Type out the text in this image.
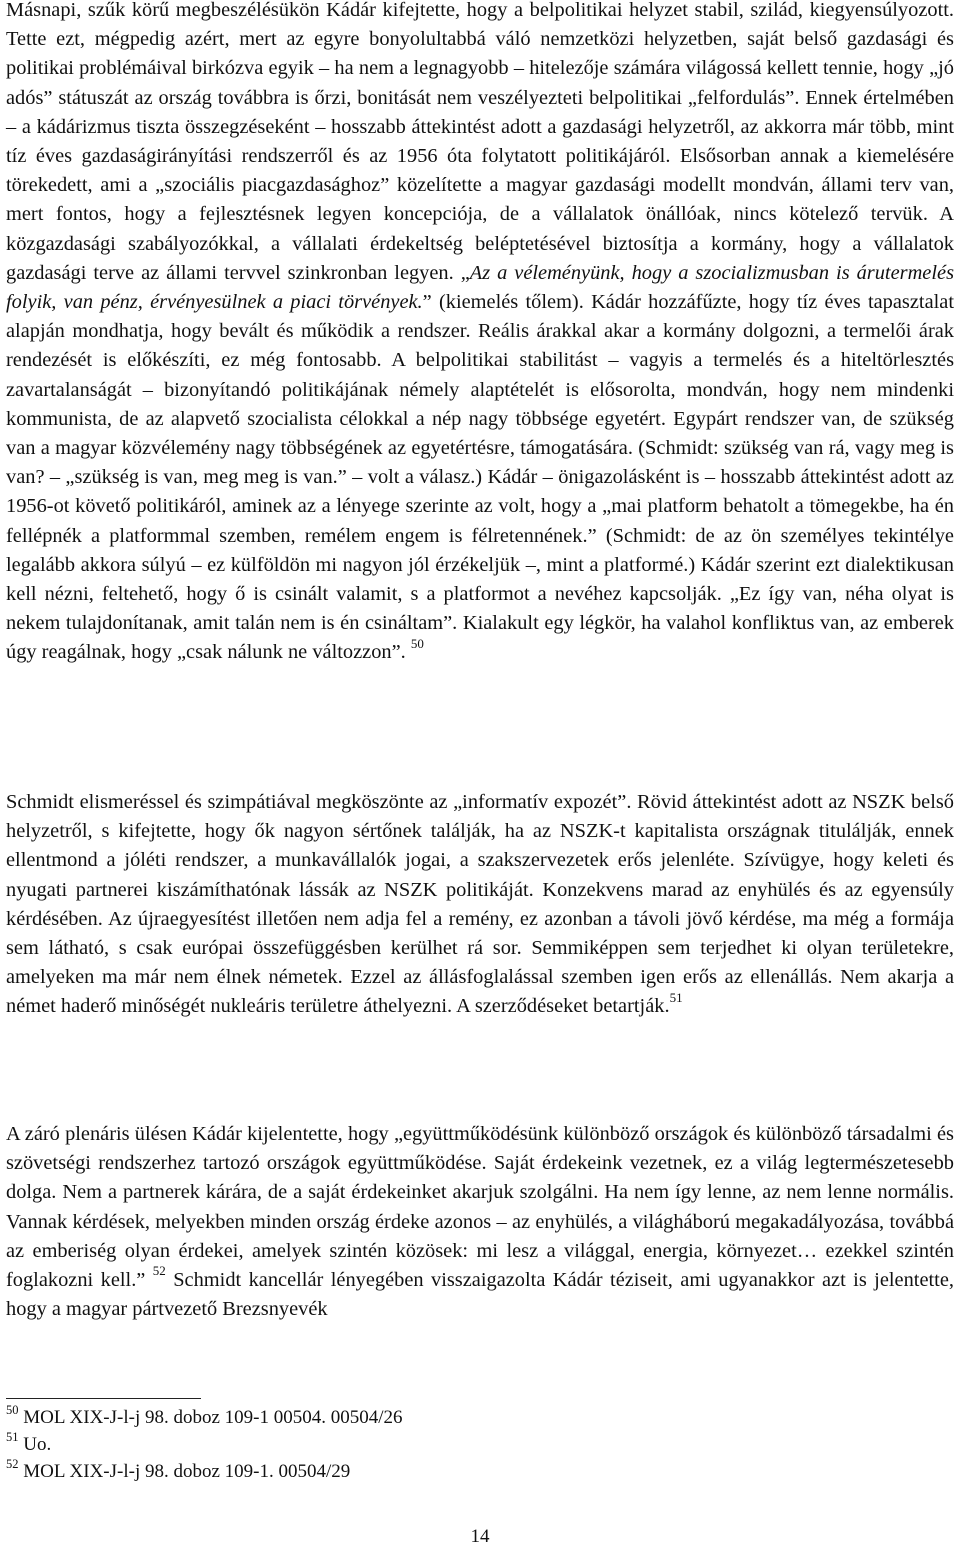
Másnapi, szűk körű megbeszélésükön Kádár kifejtette, hogy a belpolitikai helyzet stabil, szilád, kiegyensúlyozott. Tette ezt, mégpedig azért, mert az egyre bonyolultabbá váló nemzetközi helyzetben, saját belső gazdasági és politikai problémáival birkózva egyik – ha nem a legnagyobb – hitelezője számára világossá kellett tennie, hogy „jó adós” státuszát az ország továbbra is őrzi, bonitását nem veszélyezteti belpolitikai „felfordulás”. Ennek értelmében – a kádárizmus tiszta összegzéseként – hosszabb áttekintést adott a gazdasági helyzetről, az akkorra már több, mint tíz éves gazdaságirányítási rendszerről és az 1956 óta folytatott politikájáról. Elsősorban annak a kiemelésére törekedett, ami a „szociális piacgazdasághoz” közelítette a magyar gazdasági modellt mondván, állami terv van, mert fontos, hogy a fejlesztésnek legyen koncepciója, de a vállalatok önállóak, nincs kötelező tervük. A közgazdasági szabályozókkal, a vállalati érdekeltség beléptetésével biztosítja a kormány, hogy a vállalatok gazdasági terve az állami tervvel szinkronban legyen. „Az a véleményünk, hogy a szocializmusban is árutermelés folyik, van pénz, érvényesülnek a piaci törvények.” (kiemelés tőlem). Kádár hozzáfűzte, hogy tíz éves tapasztalat alapján mondhatja, hogy bevált és működik a rendszer. Reális árakkal akar a kormány dolgozni, a termelői árak rendezését is előkészíti, ez még fontosabb. A belpolitikai stabilitást – vagyis a termelés és a hiteltörlesztés zavartalanságát – bizonyítandó politikájának némely alaptételét is elősorolta, mondván, hogy nem mindenki kommunista, de az alapvető szocialista célokkal a nép nagy többsége egyetért. Egypárt rendszer van, de szükség van a magyar közvélemény nagy többségének az egyetértésre, támogatására. (Schmidt: szükség van rá, vagy meg is van? – „szükség is van, meg meg is van.” – volt a válasz.) Kádár – önigazolásként is – hosszabb áttekintést adott az 1956-ot követő politikáról, aminek az a lényege szerinte az volt, hogy a „mai platform behatolt a tömegekbe, ha én fellépnék a platformmal szemben, remélem engem is félretennének.” (Schmidt: de az ön személyes tekintélye legalább akkora súlyú – ez külföldön mi nagyon jól érzékeljük –, mint a platformé.) Kádár szerint ezt dialektikusan kell nézni, feltehető, hogy ő is csinált valamit, s a platformot a nevéhez kapcsolják. „Ez így van, néha olyat is nekem tulajdonítanak, amit talán nem is én csináltam”. Kialakult egy légkör, ha valahol konfliktus van, az emberek úgy reagálnak, hogy „csak nálunk ne változzon”. $^{50}$

Schmidt elismeréssel és szimpátiával megköszönte az „informatív expozét”. Rövid áttekintést adott az NSZK belső helyzetről, s kifejtette, hogy ők nagyon sértőnek találják, ha az NSZK-t kapitalista országnak titulálják, ennek ellentmond a jóléti rendszer, a munkavállalók jogai, a szakszervezetek erős jelenléte. Szívügye, hogy keleti és nyugati partnerei kiszámíthatónak lássák az NSZK politikáját. Konzekvens marad az enyhülés és az egyensúly kérdésében. Az újraegyesítést illetően nem adja fel a remény, ez azonban a távoli jövő kérdése, ma még a formája sem látható, s csak európai összefüggésben kerülhet rá sor. Semmiképpen sem terjedhet ki olyan területekre, amelyeken ma már nem élnek németek. Ezzel az állásfoglalással szemben igen erős az ellenállás. Nem akarja a német haderő minőségét nukleáris területre áthelyezni. A szerződéseket betartják.$^{51}$

A záró plenáris ülésen Kádár kijelentette, hogy „együttműködésünk különböző országok és különböző társadalmi és szövetségi rendszerhez tartozó országok együttműködése. Saját érdekeink vezetnek, ez a világ legtermészetesebb dolga. Nem a partnerek kárára, de a saját érdekeinket akarjuk szolgálni. Ha nem így lenne, az nem lenne normális. Vannak kérdések, melyekben minden ország érdeke azonos – az enyhülés, a világháború megakadályozása, továbbá az emberiség olyan érdekei, amelyek szintén közösek: mi lesz a világgal, energia, környezet… ezekkel szintén foglakozni kell.” $^{52}$ Schmidt kancellár lényegében visszaigazolta Kádár téziseit, ami ugyanakkor azt is jelentette, hogy a magyar pártvezető Brezsnyevék

$^{50}$ MOL XIX-J-l-j 98. doboz 109-1 00504. 00504/26
$^{51}$ Uo.
$^{52}$ MOL XIX-J-l-j 98. doboz 109-1. 00504/29
14
